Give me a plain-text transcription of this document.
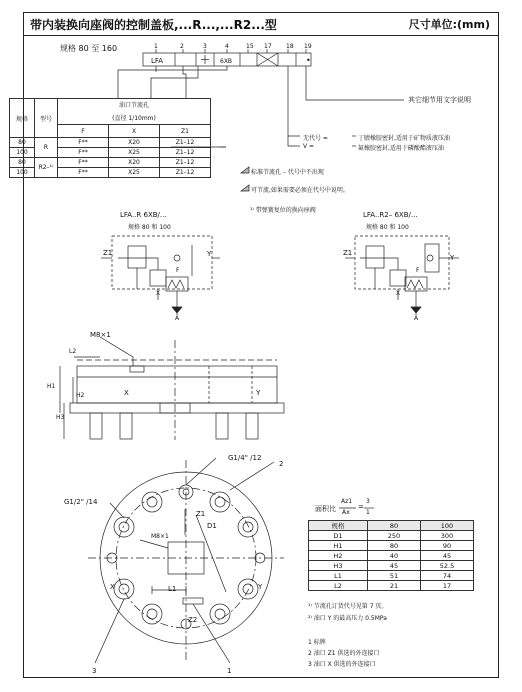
带内装换向座阀的控制盖板,...R...,...R2...型	尺寸单位:(mm)
规格 80 至 160	1	2	3	4	15 17 18 19
LFA	6XB	•
其它细节用文字说明
无代号 =	丁腈橡胶密封,适用于矿物质液压油
V =	氟橡胶密封,适用于磷酸酯液压油
规格	型号	油口节流孔		
		(直径 1/10mm)		
		F	X	Z1
80	R	F**	X20	Z1–12
100		F**	X25	Z1–12
80	R2–¹⁾	F**	X20	Z1–12
100		F**	X25	Z1–12	标准节流孔 – 代号中不出现
可节流,如果需要必须在代号中说明。
¹⁾ 带弹簧复位的换向座阀
LFA..R 6XB/...
规格 80 和 100
LFA..R2– 6XB/...
规格 80 和 100
Z1	Y
X
F
A
Z1
Y
X
F
A
M8×1
L2
H1
H2
H3
X	Y
G1/4" /12
G1/2" /14
M8×1
D1
L1
Z1
Z2
X	Y
2
3	1
面积比
Az1
Ax
=
3
1
规格	80	100
D1	250	300
H1	80	90
H2	40	45
H3	45	52.5
L1	51	74
L2	21	17
¹⁾ 节流孔订货代号见第 7 页。
²⁾ 油口 Y 的最高压力 0.5MPa
1 标牌
2 油口 Z1 供选的外连接口
3 油口 X 供选的外连接口
